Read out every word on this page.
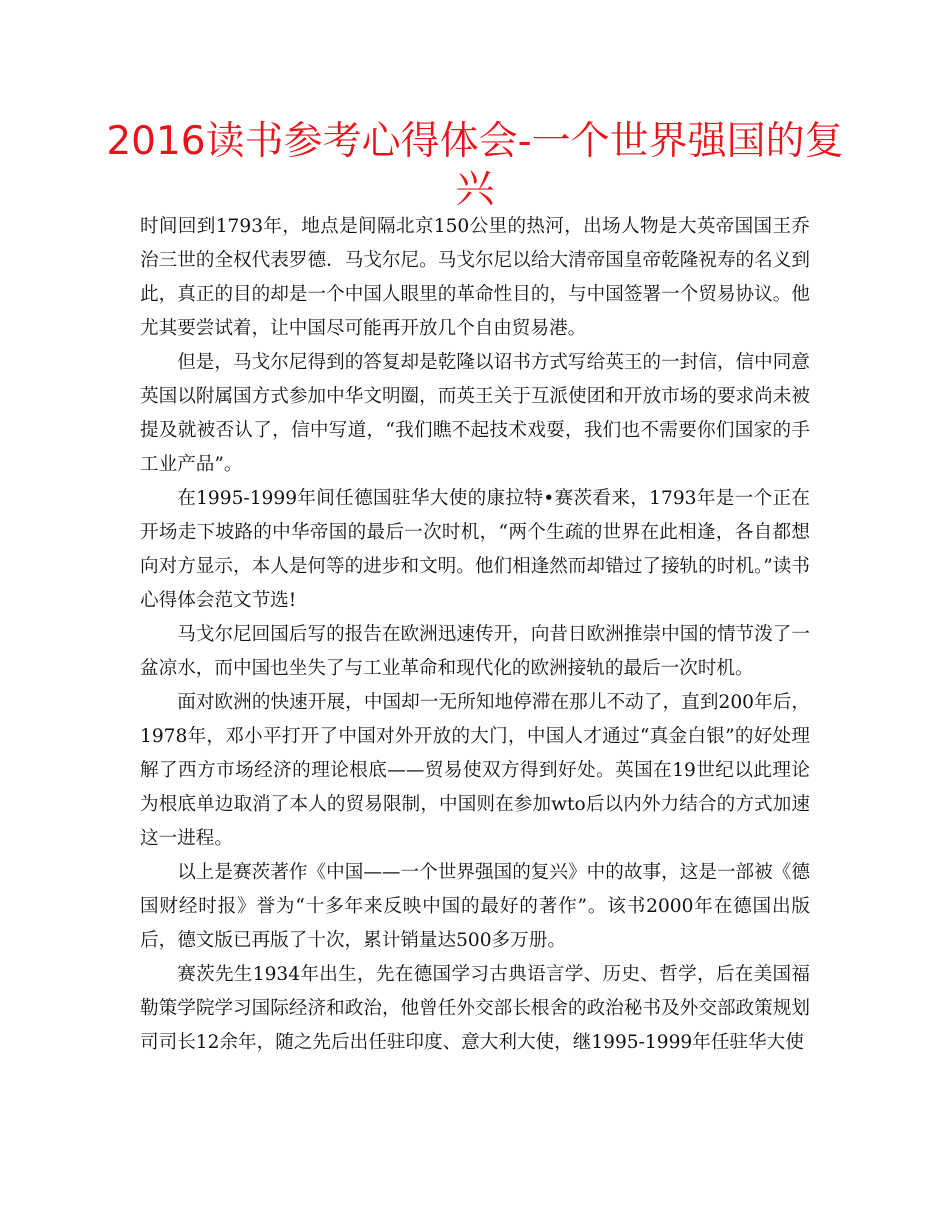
2016读书参考心得体会-一个世界强国的复兴

时间回到1793年，地点是间隔北京150公里的热河，出场人物是大英帝国国王乔治三世的全权代表罗德．马戈尔尼。马戈尔尼以给大清帝国皇帝乾隆祝寿的名义到此，真正的目的却是一个中国人眼里的革命性目的，与中国签署一个贸易协议。他尤其要尝试着，让中国尽可能再开放几个自由贸易港。

但是，马戈尔尼得到的答复却是乾隆以诏书方式写给英王的一封信，信中同意英国以附属国方式参加中华文明圈，而英王关于互派使团和开放市场的要求尚未被提及就被否认了，信中写道，“我们瞧不起技术戏耍，我们也不需要你们国家的手工业产品”。

在1995-1999年间任德国驻华大使的康拉特•赛茨看来，1793年是一个正在开场走下坡路的中华帝国的最后一次时机，“两个生疏的世界在此相逢，各自都想向对方显示，本人是何等的进步和文明。他们相逢然而却错过了接轨的时机。”读书心得体会范文节选!

马戈尔尼回国后写的报告在欧洲迅速传开，向昔日欧洲推崇中国的情节泼了一盆凉水，而中国也坐失了与工业革命和现代化的欧洲接轨的最后一次时机。

面对欧洲的快速开展，中国却一无所知地停滞在那儿不动了，直到200年后，1978年，邓小平打开了中国对外开放的大门，中国人才通过“真金白银”的好处理解了西方市场经济的理论根底——贸易使双方得到好处。英国在19世纪以此理论为根底单边取消了本人的贸易限制，中国则在参加wto后以内外力结合的方式加速这一进程。

以上是赛茨著作《中国——一个世界强国的复兴》中的故事，这是一部被《德国财经时报》誉为“十多年来反映中国的最好的著作”。该书2000年在德国出版后，德文版已再版了十次，累计销量达500多万册。

赛茨先生1934年出生，先在德国学习古典语言学、历史、哲学，后在美国福勒策学院学习国际经济和政治，他曾任外交部长根舍的政治秘书及外交部政策规划司司长12余年，随之先后出任驻印度、意大利大使，继1995-1999年任驻华大使
